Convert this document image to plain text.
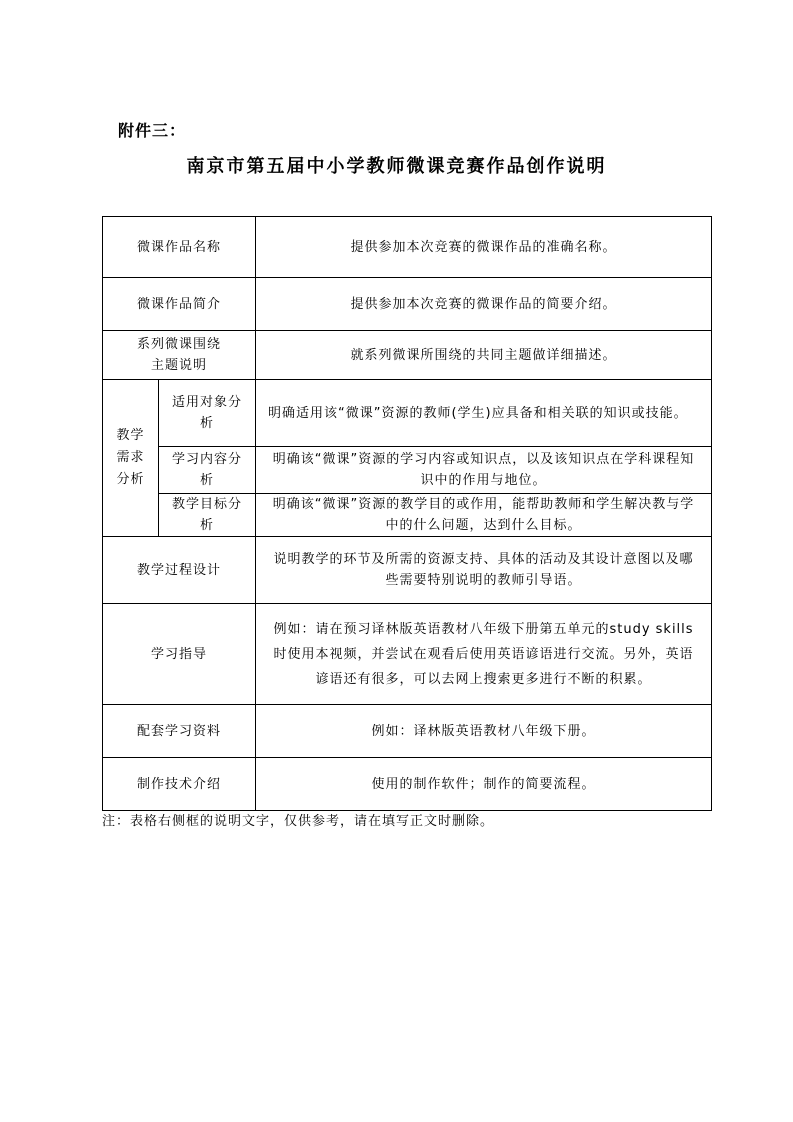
附件三：
南京市第五届中小学教师微课竞赛作品创作说明
微课作品名称		提供参加本次竞赛的微课作品的准确名称。
微课作品简介		提供参加本次竞赛的微课作品的简要介绍。
系列微课围绕主题说明		就系列微课所围绕的共同主题做详细描述。
教学需求分析	适用对象分析	明确适用该“微课”资源的教师(学生)应具备和相关联的知识或技能。
	学习内容分析	明确该“微课”资源的学习内容或知识点，以及该知识点在学科课程知识中的作用与地位。
	教学目标分析	明确该“微课”资源的教学目的或作用，能帮助教师和学生解决教与学中的什么问题，达到什么目标。
教学过程设计		说明教学的环节及所需的资源支持、具体的活动及其设计意图以及哪些需要特别说明的教师引导语。
学习指导		例如：请在预习译林版英语教材八年级下册第五单元的study skills时使用本视频，并尝试在观看后使用英语谚语进行交流。另外，英语谚语还有很多，可以去网上搜索更多进行不断的积累。
配套学习资料		例如：译林版英语教材八年级下册。
制作技术介绍		使用的制作软件；制作的简要流程。
注：表格右侧框的说明文字，仅供参考，请在填写正文时删除。
